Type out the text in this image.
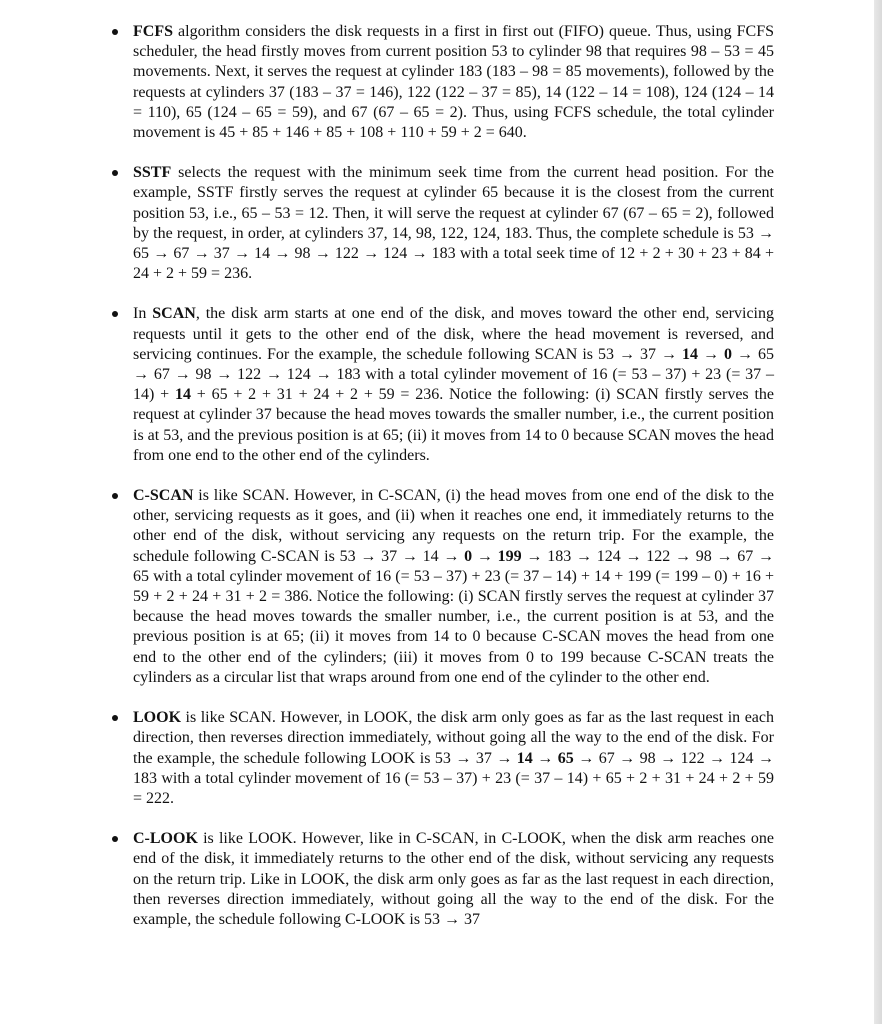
FCFS algorithm considers the disk requests in a first in first out (FIFO) queue. Thus, using FCFS scheduler, the head firstly moves from current position 53 to cylinder 98 that requires 98 – 53 = 45 movements. Next, it serves the request at cylinder 183 (183 – 98 = 85 movements), followed by the requests at cylinders 37 (183 – 37 = 146), 122 (122 – 37 = 85), 14 (122 – 14 = 108), 124 (124 – 14 = 110), 65 (124 – 65 = 59), and 67 (67 – 65 = 2). Thus, using FCFS schedule, the total cylinder movement is 45 + 85 + 146 + 85 + 108 + 110 + 59 + 2 = 640.
SSTF selects the request with the minimum seek time from the current head position. For the example, SSTF firstly serves the request at cylinder 65 because it is the closest from the current position 53, i.e., 65 – 53 = 12. Then, it will serve the request at cylinder 67 (67 – 65 = 2), followed by the request, in order, at cylinders 37, 14, 98, 122, 124, 183. Thus, the complete schedule is 53 → 65 → 67 → 37 → 14 → 98 → 122 → 124 → 183 with a total seek time of 12 + 2 + 30 + 23 + 84 + 24 + 2 + 59 = 236.
In SCAN, the disk arm starts at one end of the disk, and moves toward the other end, servicing requests until it gets to the other end of the disk, where the head movement is reversed, and servicing continues. For the example, the schedule following SCAN is 53 → 37 → 14 → 0 → 65 → 67 → 98 → 122 → 124 → 183 with a total cylinder movement of 16 (= 53 – 37) + 23 (= 37 – 14) + 14 + 65 + 2 + 31 + 24 + 2 + 59 = 236. Notice the following: (i) SCAN firstly serves the request at cylinder 37 because the head moves towards the smaller number, i.e., the current position is at 53, and the previous position is at 65; (ii) it moves from 14 to 0 because SCAN moves the head from one end to the other end of the cylinders.
C-SCAN is like SCAN. However, in C-SCAN, (i) the head moves from one end of the disk to the other, servicing requests as it goes, and (ii) when it reaches one end, it immediately returns to the other end of the disk, without servicing any requests on the return trip. For the example, the schedule following C-SCAN is 53 → 37 → 14 → 0 → 199 → 183 → 124 → 122 → 98 → 67 → 65 with a total cylinder movement of 16 (= 53 – 37) + 23 (= 37 – 14) + 14 + 199 (= 199 – 0) + 16 + 59 + 2 + 24 + 31 + 2 = 386. Notice the following: (i) SCAN firstly serves the request at cylinder 37 because the head moves towards the smaller number, i.e., the current position is at 53, and the previous position is at 65; (ii) it moves from 14 to 0 because C-SCAN moves the head from one end to the other end of the cylinders; (iii) it moves from 0 to 199 because C-SCAN treats the cylinders as a circular list that wraps around from one end of the cylinder to the other end.
LOOK is like SCAN. However, in LOOK, the disk arm only goes as far as the last request in each direction, then reverses direction immediately, without going all the way to the end of the disk. For the example, the schedule following LOOK is 53 → 37 → 14 → 65 → 67 → 98 → 122 → 124 → 183 with a total cylinder movement of 16 (= 53 – 37) + 23 (= 37 – 14) + 65 + 2 + 31 + 24 + 2 + 59 = 222.
C-LOOK is like LOOK. However, like in C-SCAN, in C-LOOK, when the disk arm reaches one end of the disk, it immediately returns to the other end of the disk, without servicing any requests on the return trip. Like in LOOK, the disk arm only goes as far as the last request in each direction, then reverses direction immediately, without going all the way to the end of the disk. For the example, the schedule following C-LOOK is 53 → 37
